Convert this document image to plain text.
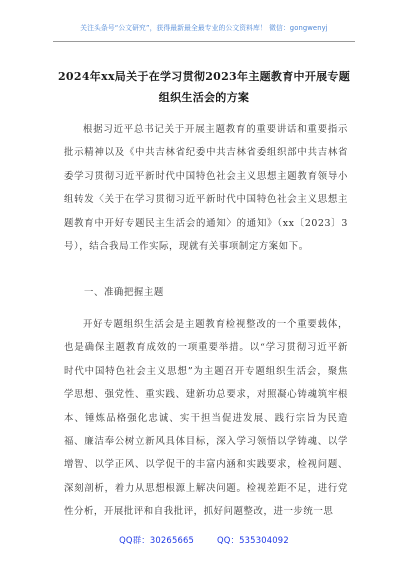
关注头条号“公文研究”，获得最新最全最专业的公文资料库！ 微信：gongwenyj
2024年xx局关于在学习贯彻2023年主题教育中开展专题
组织生活会的方案
根据习近平总书记关于开展主题教育的重要讲话和重要指示批示精神以及《中共吉林省纪委中共吉林省委组织部中共吉林省委学习贯彻习近平新时代中国特色社会主义思想主题教育领导小组转发〈关于在学习贯彻习近平新时代中国特色社会主义思想主题教育中开好专题民主生活会的通知〉的通知》（xx〔2023〕3号），结合我局工作实际，现就有关事项制定方案如下。
一、准确把握主题
开好专题组织生活会是主题教育检视整改的一个重要载体，也是确保主题教育成效的一项重要举措。以“学习贯彻习近平新时代中国特色社会主义思想”为主题召开专题组织生活会，聚焦学思想、强党性、重实践、建新功总要求，对照凝心铸魂筑牢根本、锤炼品格强化忠诚、实干担当促进发展、践行宗旨为民造福、廉洁奉公树立新风具体目标，深入学习领悟以学铸魂、以学增智、以学正风、以学促干的丰富内涵和实践要求，检视问题、深刻剖析，着力从思想根源上解决问题。检视差距不足，进行党性分析，开展批评和自我批评，抓好问题整改，进一步统一思
QQ群：30265665	QQ：535304092
